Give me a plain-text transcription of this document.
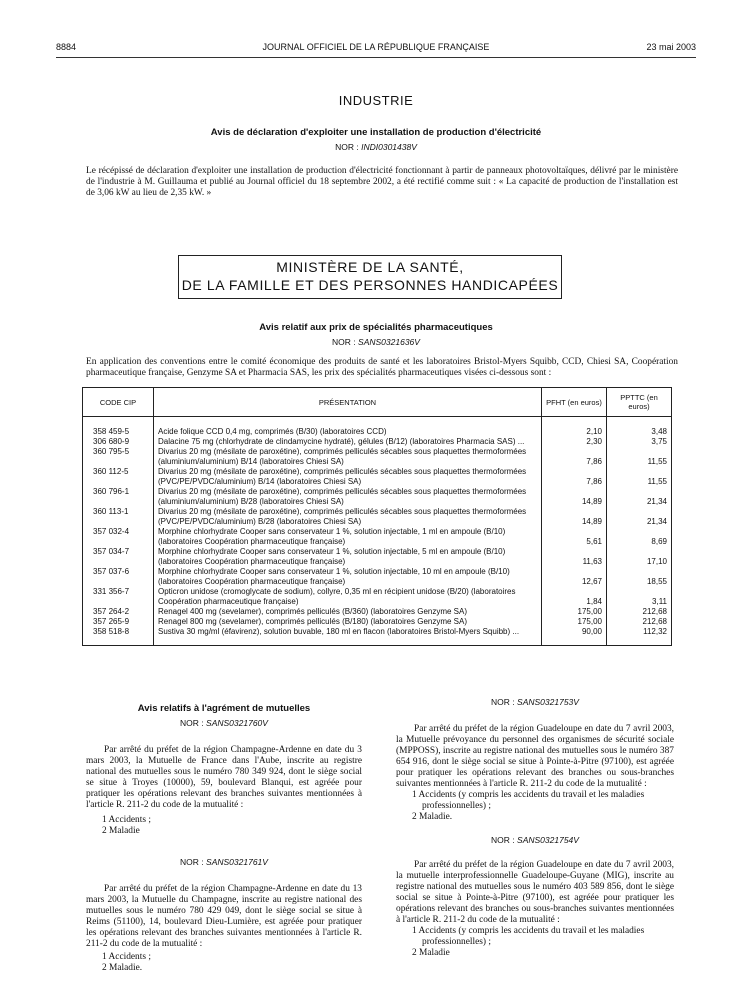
8884	JOURNAL OFFICIEL DE LA RÉPUBLIQUE FRANÇAISE	23 mai 2003
INDUSTRIE
Avis de déclaration d'exploiter une installation de production d'électricité
NOR : INDI0301438V
Le récépissé de déclaration d'exploiter une installation de production d'électricité fonctionnant à partir de panneaux photovoltaïques, délivré par le ministère de l'industrie à M. Guillauma et publié au Journal officiel du 18 septembre 2002, a été rectifié comme suit : « La capacité de production de l'installation est de 3,06 kW au lieu de 2,35 kW. »
MINISTÈRE DE LA SANTÉ,
DE LA FAMILLE ET DES PERSONNES HANDICAPÉES
Avis relatif aux prix de spécialités pharmaceutiques
NOR : SANS0321636V
En application des conventions entre le comité économique des produits de santé et les laboratoires Bristol-Myers Squibb, CCD, Chiesi SA, Coopération pharmaceutique française, Genzyme SA et Pharmacia SAS, les prix des spécialités pharmaceutiques visées ci-dessous sont :
CODE CIP	PRÉSENTATION	PFHT (en euros)	PPTTC (en euros)

358 459-5	Acide folique CCD 0,4 mg, comprimés (B/30) (laboratoires CCD)	2,10	3,48
306 680-9	Dalacine 75 mg (chlorhydrate de clindamycine hydraté), gélules (B/12) (laboratoires Pharmacia SAS) ...	2,30	3,75
360 795-5	Divarius 20 mg (mésilate de paroxétine), comprimés pelliculés sécables sous plaquettes thermoformées (aluminium/aluminium) B/14 (laboratoires Chiesi SA)	7,86	11,55
360 112-5	Divarius 20 mg (mésilate de paroxétine), comprimés pelliculés sécables sous plaquettes thermoformées (PVC/PE/PVDC/aluminium) B/14 (laboratoires Chiesi SA)	7,86	11,55
360 796-1	Divarius 20 mg (mésilate de paroxétine), comprimés pelliculés sécables sous plaquettes thermoformées (aluminium/aluminium) B/28 (laboratoires Chiesi SA)	14,89	21,34
360 113-1	Divarius 20 mg (mésilate de paroxétine), comprimés pelliculés sécables sous plaquettes thermoformées (PVC/PE/PVDC/aluminium) B/28 (laboratoires Chiesi SA)	14,89	21,34
357 032-4	Morphine chlorhydrate Cooper sans conservateur 1 %, solution injectable, 1 ml en ampoule (B/10) (laboratoires Coopération pharmaceutique française)	5,61	8,69
357 034-7	Morphine chlorhydrate Cooper sans conservateur 1 %, solution injectable, 5 ml en ampoule (B/10) (laboratoires Coopération pharmaceutique française)	11,63	17,10
357 037-6	Morphine chlorhydrate Cooper sans conservateur 1 %, solution injectable, 10 ml en ampoule (B/10) (laboratoires Coopération pharmaceutique française)	12,67	18,55
331 356-7	Opticron unidose (cromoglycate de sodium), collyre, 0,35 ml en récipient unidose (B/20) (laboratoires Coopération pharmaceutique française)	1,84	3,11
357 264-2	Renagel 400 mg (sevelamer), comprimés pelliculés (B/360) (laboratoires Genzyme SA)	175,00	212,68
357 265-9	Renagel 800 mg (sevelamer), comprimés pelliculés (B/180) (laboratoires Genzyme SA)	175,00	212,68
358 518-8	Sustiva 30 mg/ml (éfavirenz), solution buvable, 180 ml en flacon (laboratoires Bristol-Myers Squibb) ...	90,00	112,32

Avis relatifs à l'agrément de mutuelles
NOR : SANS0321760V

Par arrêté du préfet de la région Champagne-Ardenne en date du 3 mars 2003, la Mutuelle de France dans l'Aube, inscrite au registre national des mutuelles sous le numéro 780 349 924, dont le siège social se situe à Troyes (10000), 59, boulevard Blanqui, est agréée pour pratiquer les opérations relevant des branches suivantes mentionnées à l'article R. 211-2 du code de la mutualité :

1 Accidents ;

2 Maladie

NOR : SANS0321761V

Par arrêté du préfet de la région Champagne-Ardenne en date du 13 mars 2003, la Mutuelle du Champagne, inscrite au registre national des mutuelles sous le numéro 780 429 049, dont le siège social se situe à Reims (51100), 14, boulevard Dieu-Lumière, est agréée pour pratiquer les opérations relevant des branches suivantes mentionnées à l'article R. 211-2 du code de la mutualité :

1 Accidents ;

2 Maladie.

NOR : SANS0321753V

Par arrêté du préfet de la région Guadeloupe en date du 7 avril 2003, la Mutuelle prévoyance du personnel des organismes de sécurité sociale (MPPOSS), inscrite au registre national des mutuelles sous le numéro 387 654 916, dont le siège social se situe à Pointe-à-Pitre (97100), est agréée pour pratiquer les opérations relevant des branches ou sous-branches suivantes mentionnées à l'article R. 211-2 du code de la mutualité :

1 Accidents (y compris les accidents du travail et les maladies professionnelles) ;

2 Maladie.

NOR : SANS0321754V

Par arrêté du préfet de la région Guadeloupe en date du 7 avril 2003, la mutuelle interprofessionnelle Guadeloupe-Guyane (MIG), inscrite au registre national des mutuelles sous le numéro 403 589 856, dont le siège social se situe à Pointe-à-Pitre (97100), est agréée pour pratiquer les opérations relevant des branches ou sous-branches suivantes mentionnées à l'article R. 211-2 du code de la mutualité :

1 Accidents (y compris les accidents du travail et les maladies professionnelles) ;

2 Maladie
